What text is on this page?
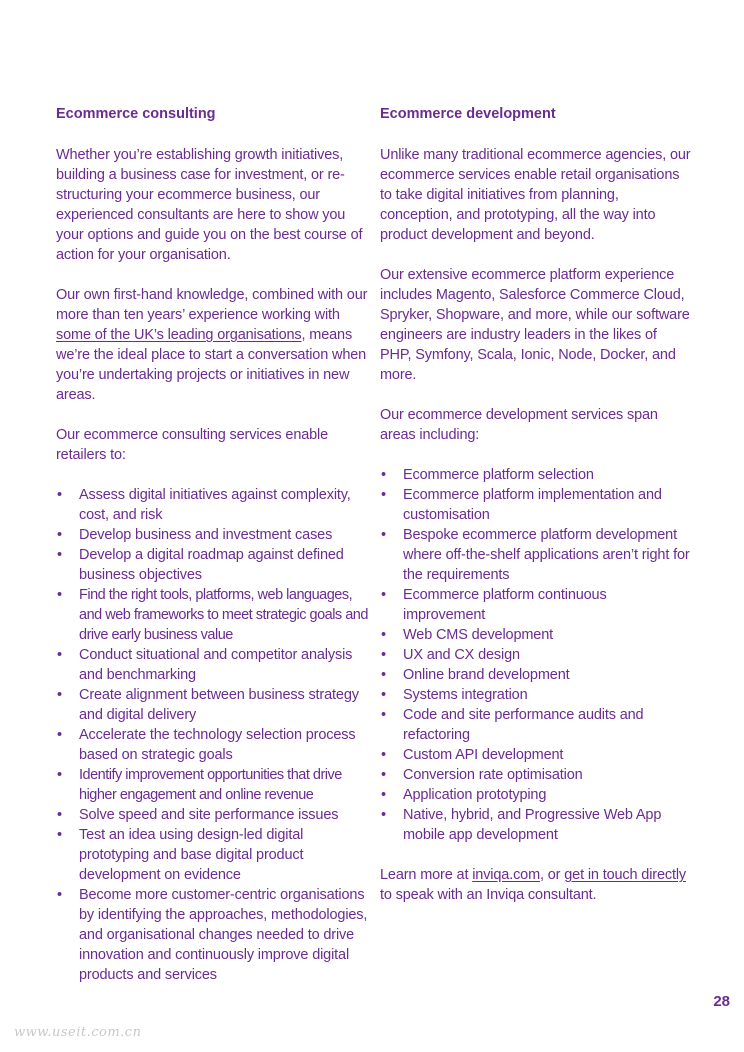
Ecommerce consulting

Whether you’re establishing growth initiatives, building a business case for investment, or re-structuring your ecommerce business, our experienced consultants are here to show you your options and guide you on the best course of action for your organisation.

Our own first-hand knowledge, combined with our more than ten years’ experience working with some of the UK’s leading organisations, means we’re the ideal place to start a conversation when you’re undertaking projects or initiatives in new areas.

Our ecommerce consulting services enable retailers to:

• Assess digital initiatives against complexity, cost, and risk
• Develop business and investment cases
• Develop a digital roadmap against defined business objectives
• Find the right tools, platforms, web languages, and web frameworks to meet strategic goals and drive early business value
• Conduct situational and competitor analysis and benchmarking
• Create alignment between business strategy and digital delivery
• Accelerate the technology selection process based on strategic goals
• Identify improvement opportunities that drive higher engagement and online revenue
• Solve speed and site performance issues
• Test an idea using design-led digital prototyping and base digital product development on evidence
• Become more customer-centric organisations by identifying the approaches, methodologies, and organisational changes needed to drive innovation and continuously improve digital products and services
Ecommerce development

Unlike many traditional ecommerce agencies, our ecommerce services enable retail organisations to take digital initiatives from planning, conception, and prototyping, all the way into product development and beyond.

Our extensive ecommerce platform experience includes Magento, Salesforce Commerce Cloud, Spryker, Shopware, and more, while our software engineers are industry leaders in the likes of PHP, Symfony, Scala, Ionic, Node, Docker, and more.

Our ecommerce development services span areas including:

• Ecommerce platform selection
• Ecommerce platform implementation and customisation
• Bespoke ecommerce platform development where off-the-shelf applications aren’t right for the requirements
• Ecommerce platform continuous improvement
• Web CMS development
• UX and CX design
• Online brand development
• Systems integration
• Code and site performance audits and refactoring
• Custom API development
• Conversion rate optimisation
• Application prototyping
• Native, hybrid, and Progressive Web App mobile app development

Learn more at inviqa.com, or get in touch directly to speak with an Inviqa consultant.

28
www.useit.com.cn
